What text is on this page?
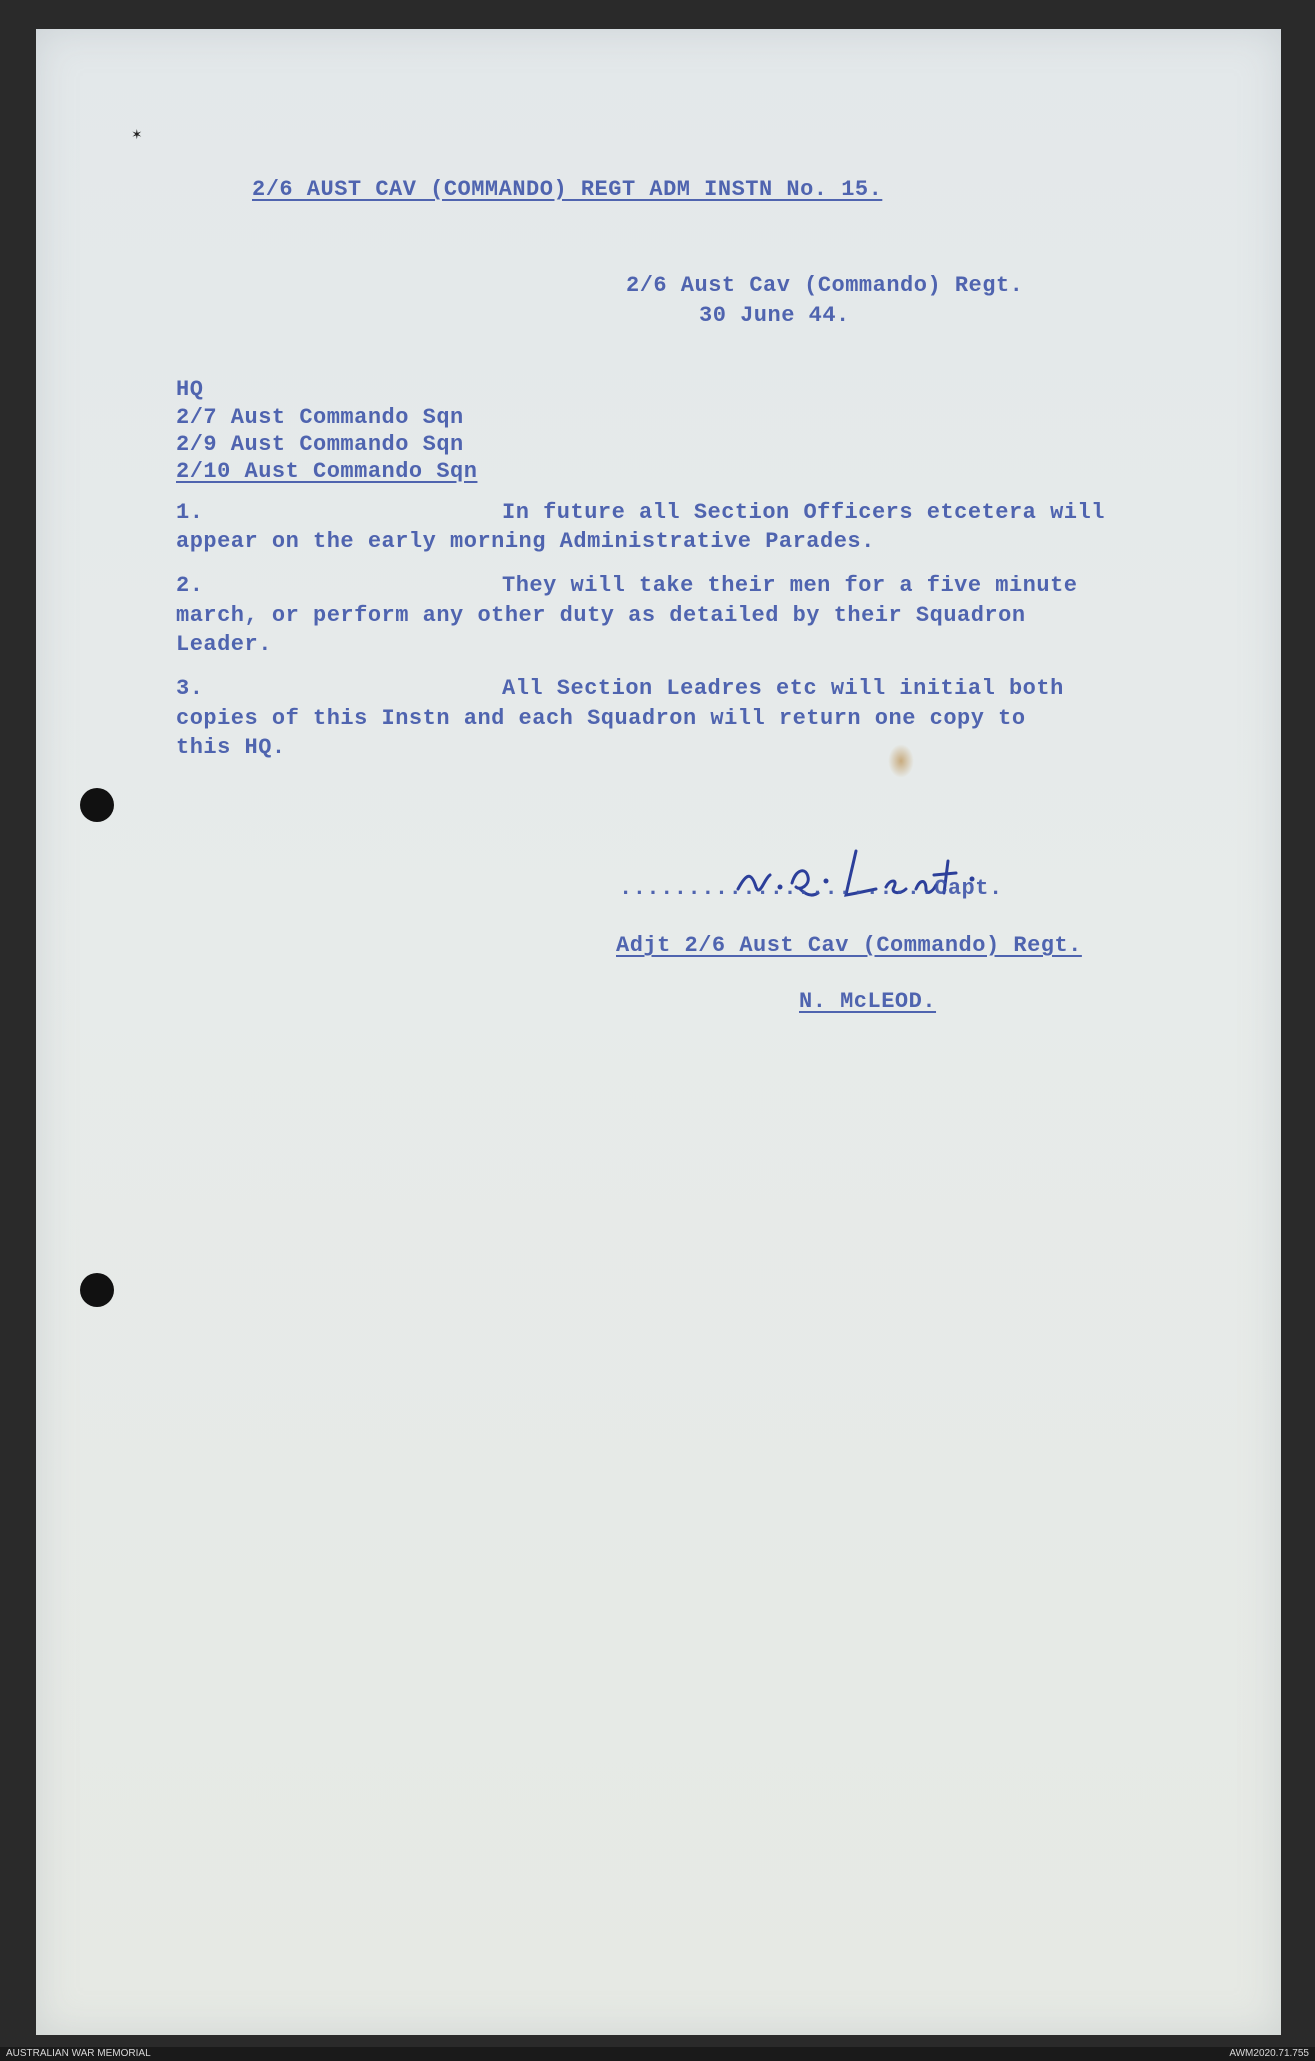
✶

2/6 AUST CAV (COMMANDO) REGT ADM INSTN No. 15.

2/6 Aust Cav (Commando) Regt.

30 June 44.

HQ

2/7 Aust Commando Sqn

2/9 Aust Commando Sqn

2/10 Aust Commando Sqn

1.	In future all Section Officers etcetera will

appear on the early morning Administrative Parades.

2.	They will take their men for a five minute

march, or perform any other duty as detailed by their Squadron

Leader.

3.	All Section Leadres etc will initial both

copies of this Instn and each Squadron will return one copy to

this HQ.

.......................Capt.

Adjt 2/6 Aust Cav (Commando) Regt.

N. McLEOD.

AUSTRALIAN WAR MEMORIAL	AWM2020.71.755
